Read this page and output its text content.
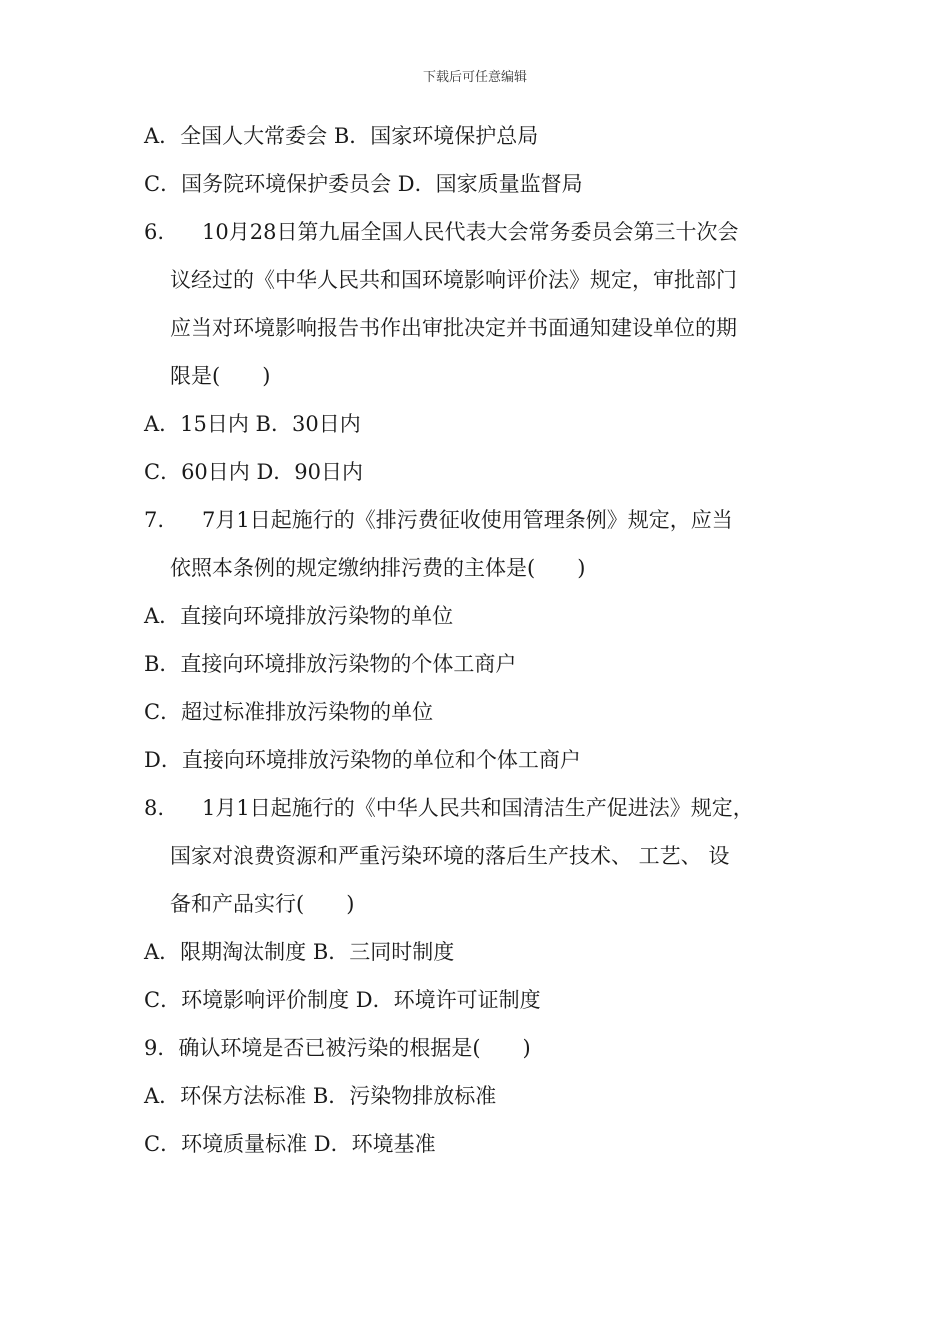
下载后可任意编辑
A．全国人大常委会 B．国家环境保护总局
C．国务院环境保护委员会 D．国家质量监督局
6. 10月28日第九届全国人民代表大会常务委员会第三十次会
议经过的《中华人民共和国环境影响评价法》规定，审批部门
应当对环境影响报告书作出审批决定并书面通知建设单位的期
限是(　　)
A．15日内 B．30日内
C．60日内 D．90日内
7. 7月1日起施行的《排污费征收使用管理条例》规定，应当
依照本条例的规定缴纳排污费的主体是(　　)
A．直接向环境排放污染物的单位
B．直接向环境排放污染物的个体工商户
C．超过标准排放污染物的单位
D．直接向环境排放污染物的单位和个体工商户
8. 1月1日起施行的《中华人民共和国清洁生产促进法》规定，
国家对浪费资源和严重污染环境的落后生产技术、 工艺、 设
备和产品实行(　　)
A．限期淘汰制度 B．三同时制度
C．环境影响评价制度 D．环境许可证制度
9．确认环境是否已被污染的根据是(　　)
A．环保方法标准 B．污染物排放标准
C．环境质量标准 D．环境基准
